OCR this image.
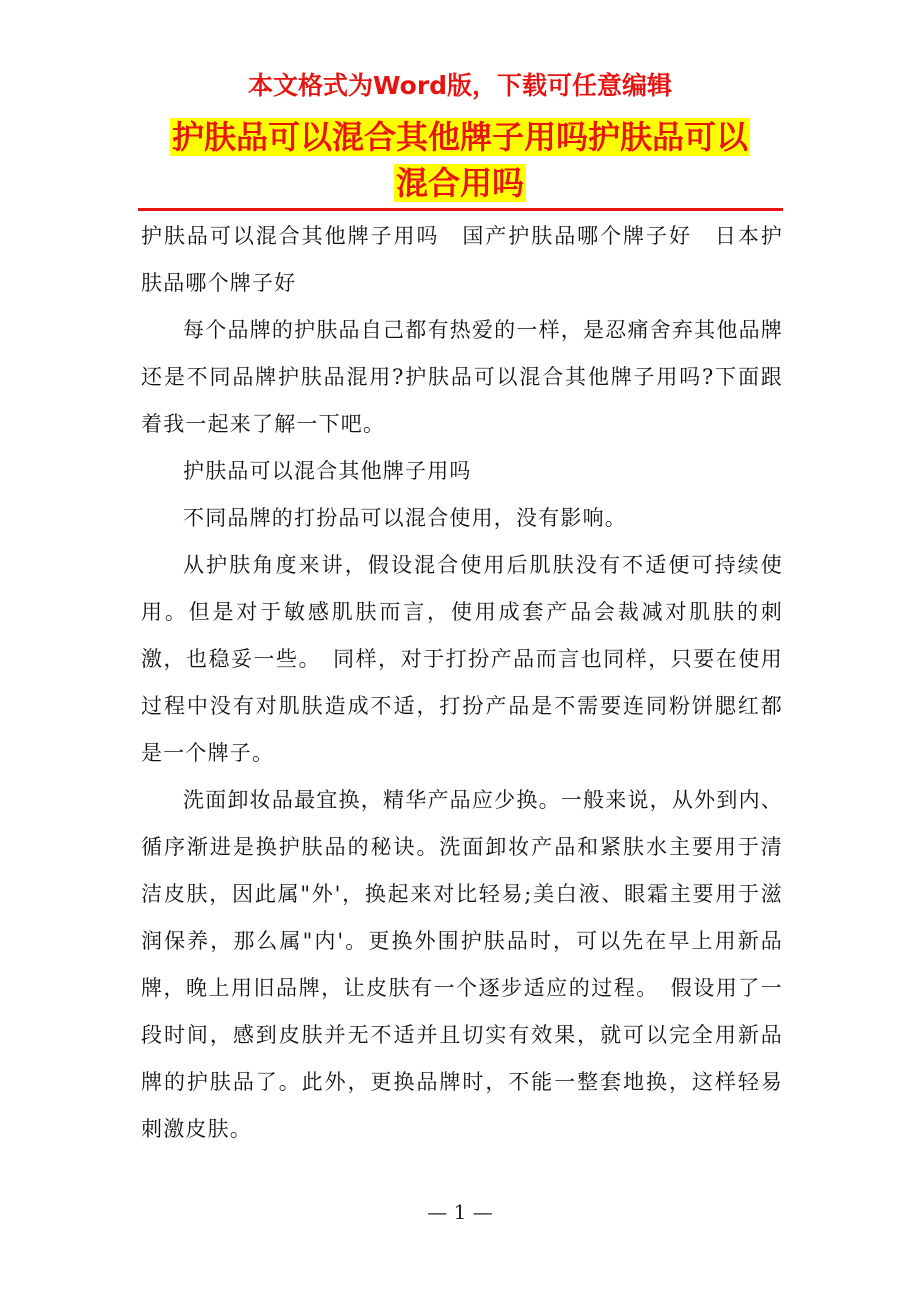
本文格式为Word版，下载可任意编辑
护肤品可以混合其他牌子用吗护肤品可以
混合用吗

护肤品可以混合其他牌子用吗　国产护肤品哪个牌子好　日本护肤品哪个牌子好

每个品牌的护肤品自己都有热爱的一样，是忍痛舍弃其他品牌还是不同品牌护肤品混用?护肤品可以混合其他牌子用吗?下面跟着我一起来了解一下吧。

护肤品可以混合其他牌子用吗

不同品牌的打扮品可以混合使用，没有影响。

从护肤角度来讲，假设混合使用后肌肤没有不适便可持续使用。但是对于敏感肌肤而言，使用成套产品会裁减对肌肤的刺激，也稳妥一些。　同样，对于打扮产品而言也同样，只要在使用过程中没有对肌肤造成不适，打扮产品是不需要连同粉饼腮红都是一个牌子。

洗面卸妆品最宜换，精华产品应少换。一般来说，从外到内、循序渐进是换护肤品的秘诀。洗面卸妆产品和紧肤水主要用于清洁皮肤，因此属"外'，换起来对比轻易;美白液、眼霜主要用于滋润保养，那么属"内'。更换外围护肤品时，可以先在早上用新品牌，晚上用旧品牌，让皮肤有一个逐步适应的过程。　假设用了一段时间，感到皮肤并无不适并且切实有效果，就可以完全用新品牌的护肤品了。此外，更换品牌时，不能一整套地换，这样轻易刺激皮肤。

— 1 —
